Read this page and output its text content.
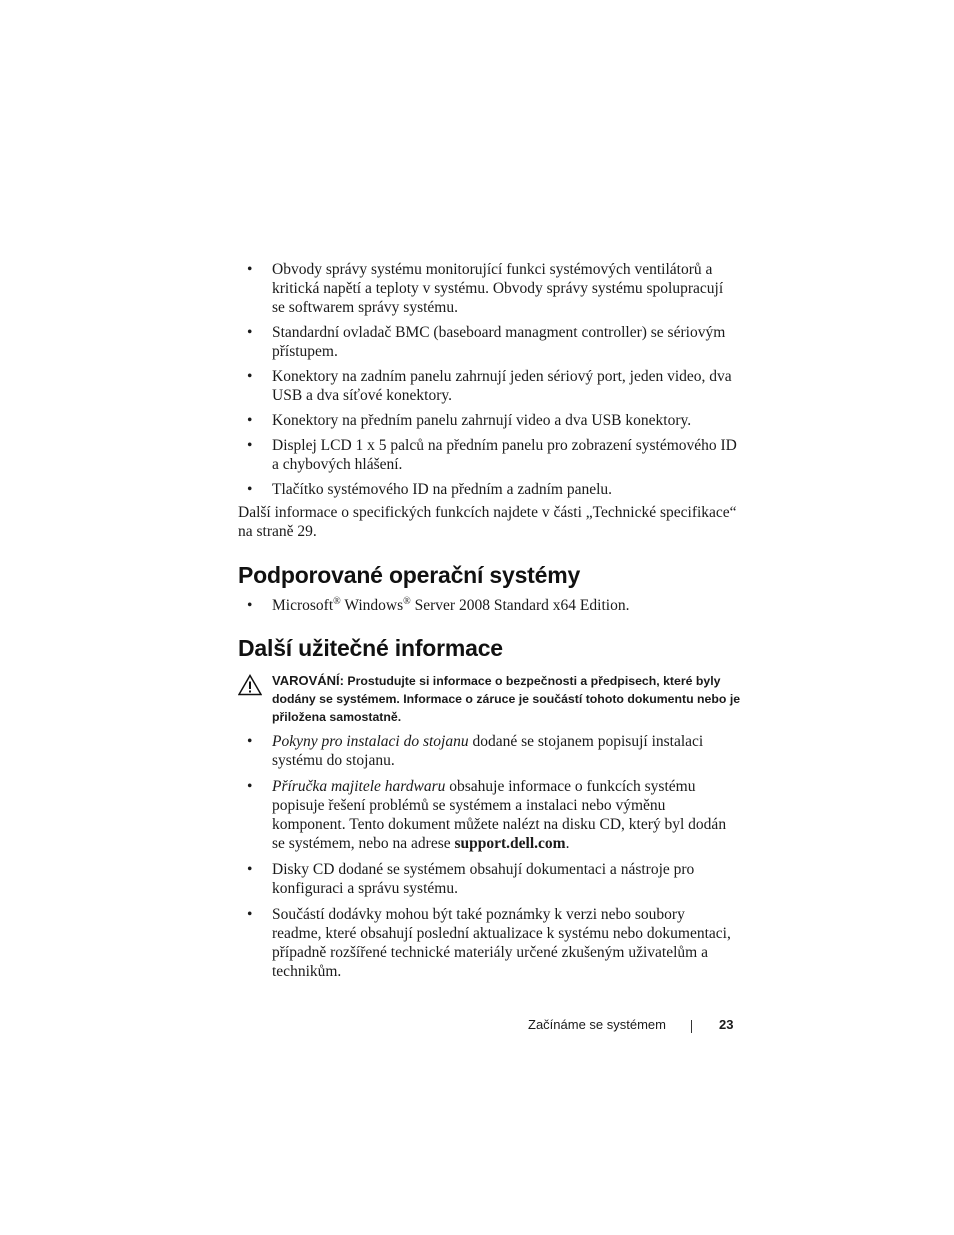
• Obvody správy systému monitorující funkci systémových ventilátorů a kritická napětí a teploty v systému. Obvody správy systému spolupracují se softwarem správy systému.
• Standardní ovladač BMC (baseboard managment controller) se sériovým přístupem.
• Konektory na zadním panelu zahrnují jeden sériový port, jeden video, dva USB a dva síťové konektory.
• Konektory na předním panelu zahrnují video a dva USB konektory.
• Displej LCD 1 x 5 palců na předním panelu pro zobrazení systémového ID a chybových hlášení.
• Tlačítko systémového ID na předním a zadním panelu.
Další informace o specifických funkcích najdete v části „Technické specifikace“ na straně 29.
Podporované operační systémy
• Microsoft® Windows® Server 2008 Standard x64 Edition.
Další užitečné informace
VAROVÁNÍ: Prostudujte si informace o bezpečnosti a předpisech, které byly dodány se systémem. Informace o záruce je součástí tohoto dokumentu nebo je přiložena samostatně.
• Pokyny pro instalaci do stojanu dodané se stojanem popisují instalaci systému do stojanu.
• Příručka majitele hardwaru obsahuje informace o funkcích systému popisuje řešení problémů se systémem a instalaci nebo výměnu komponent. Tento dokument můžete nalézt na disku CD, který byl dodán se systémem, nebo na adrese support.dell.com.
• Disky CD dodané se systémem obsahují dokumentaci a nástroje pro konfiguraci a správu systému.
• Součástí dodávky mohou být také poznámky k verzi nebo soubory readme, které obsahují poslední aktualizace k systému nebo dokumentaci, případně rozšířené technické materiály určené zkušeným uživatelům a technikům.
Začínáme se systémem	23
